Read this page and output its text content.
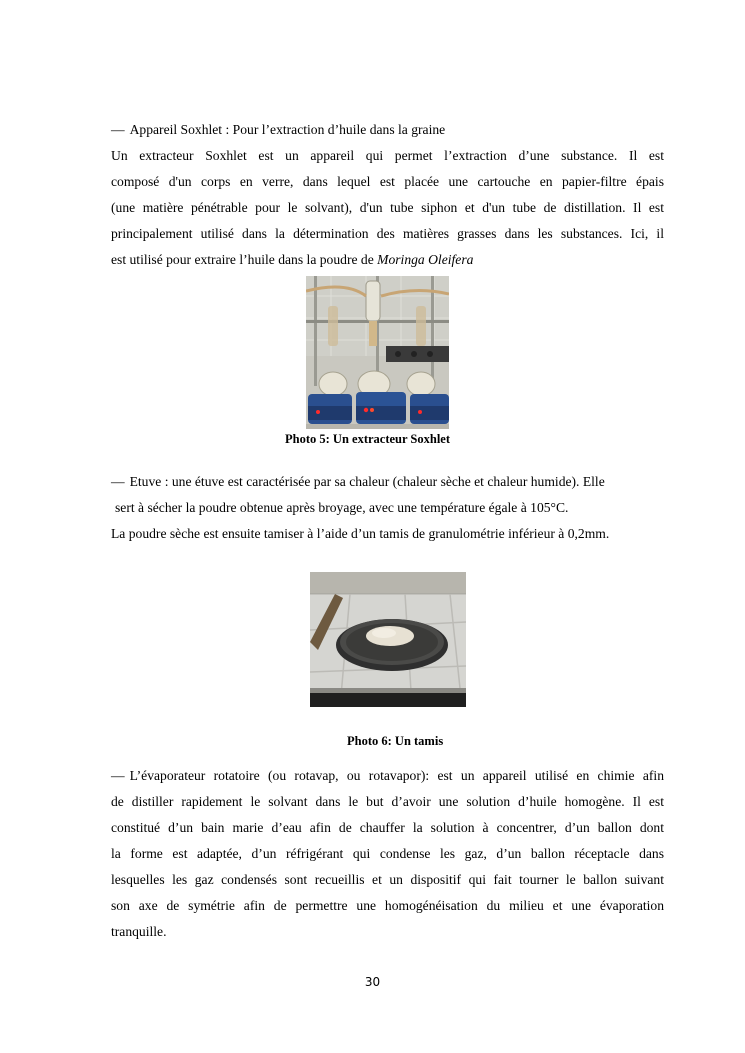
— Appareil Soxhlet : Pour l’extraction d’huile dans la graine
Un extracteur Soxhlet est un appareil qui permet l’extraction d’une substance. Il est
composé d'un corps en verre, dans lequel est placée une cartouche en papier-filtre épais
(une matière pénétrable pour le solvant), d'un tube siphon et d'un tube de distillation. Il est
principalement utilisé dans la détermination des matières grasses dans les substances. Ici, il
est utilisé pour extraire l’huile dans la poudre de Moringa Oleifera
Photo 5: Un extracteur Soxhlet
— Etuve : une étuve est caractérisée par sa chaleur (chaleur sèche et chaleur humide). Elle
sert à sécher la poudre obtenue après broyage, avec une température égale à 105°C.
La poudre sèche est ensuite tamiser à l’aide d’un tamis de granulométrie inférieur à 0,2mm.
Photo 6: Un tamis
— L’évaporateur rotatoire (ou rotavap, ou rotavapor): est un appareil utilisé en chimie afin
de distiller rapidement le solvant dans le but d’avoir une solution d’huile homogène. Il est
constitué d’un bain marie d’eau afin de chauffer la solution à concentrer, d’un ballon dont
la forme est adaptée, d’un réfrigérant qui condense les gaz, d’un ballon réceptacle dans
lesquelles les gaz condensés sont recueillis et un dispositif qui fait tourner le ballon suivant
son axe de symétrie afin de permettre une homogénéisation du milieu et une évaporation
tranquille.
30
